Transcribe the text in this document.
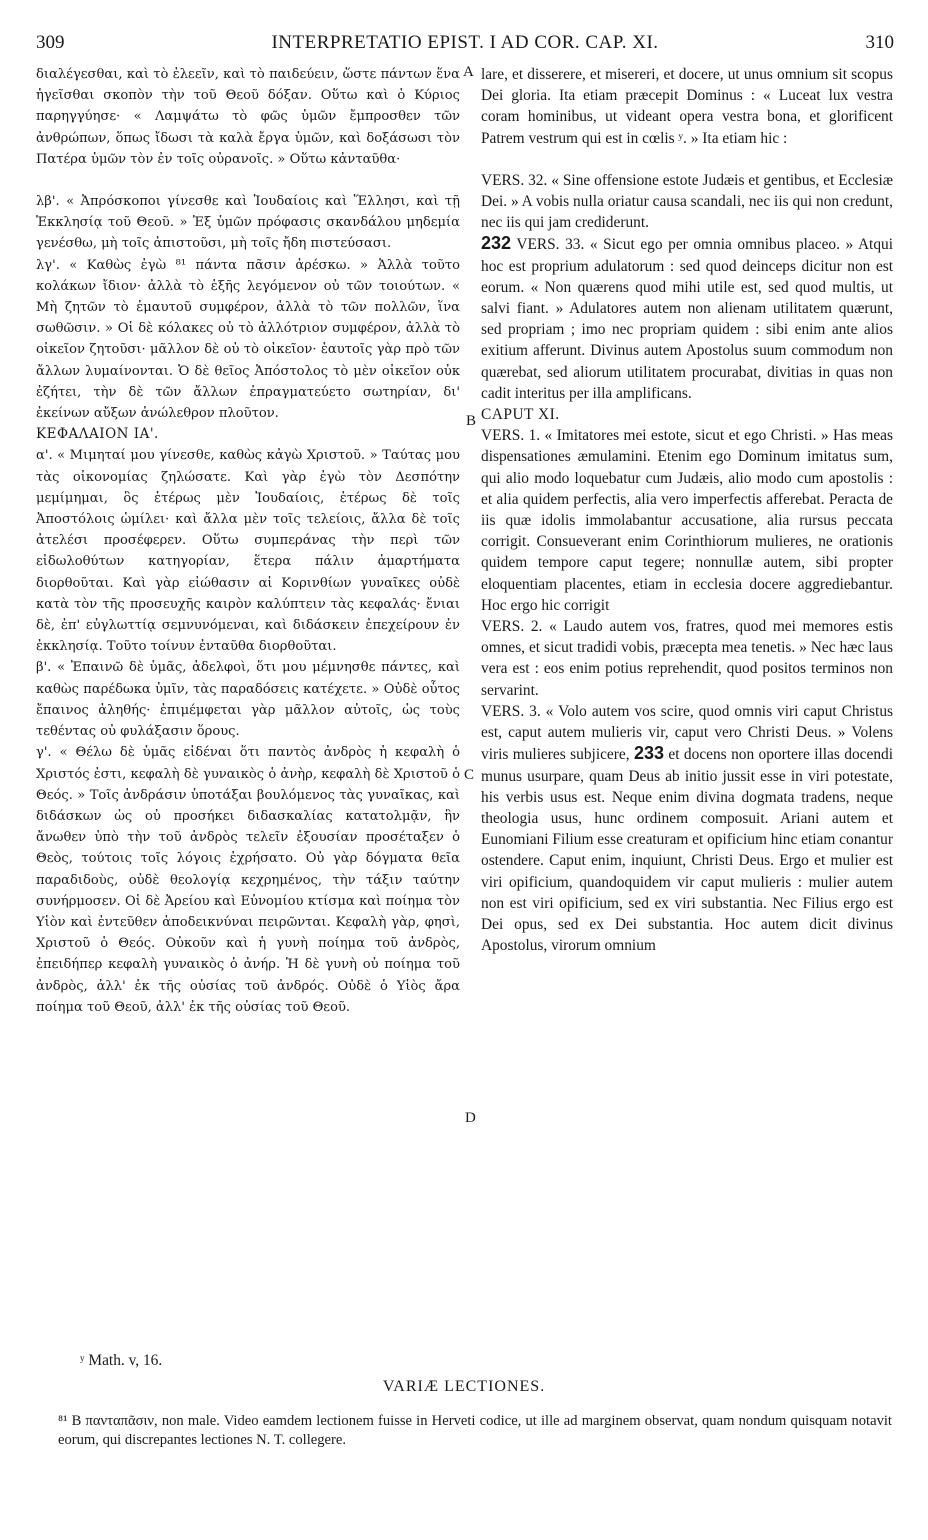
309	INTERPRETATIO EPIST. I AD COR. CAP. XI.	310

διαλέγεσθαι, καὶ τὸ ἐλεεῖν, καὶ τὸ παιδεύειν, ὥστε πάντων ἕνα ἡγεῖσθαι σκοπὸν τὴν τοῦ Θεοῦ δόξαν. Οὕτω καὶ ὁ Κύριος παρηγγύησε· « Λαμψάτω τὸ φῶς ὑμῶν ἔμπροσθεν τῶν ἀνθρώπων, ὅπως ἴδωσι τὰ καλὰ ἔργα ὑμῶν, καὶ δοξάσωσι τὸν Πατέρα ὑμῶν τὸν ἐν τοῖς οὐρανοῖς. » Οὕτω κἀνταῦθα·

λβ'. « Ἀπρόσκοποι γίνεσθε καὶ Ἰουδαίοις καὶ Ἕλλησι, καὶ τῇ Ἐκκλησίᾳ τοῦ Θεοῦ. » Ἐξ ὑμῶν πρόφασις σκανδάλου μηδεμία γενέσθω, μὴ τοῖς ἀπιστοῦσι, μὴ τοῖς ἤδη πιστεύσασι.

λγ'. « Καθὼς ἐγὼ ⁸¹ πάντα πᾶσιν ἀρέσκω. » Ἀλλὰ τοῦτο κολάκων ἴδιον· ἀλλὰ τὸ ἑξῆς λεγόμενον οὐ τῶν τοιούτων. « Μὴ ζητῶν τὸ ἐμαυτοῦ συμφέρον, ἀλλὰ τὸ τῶν πολλῶν, ἵνα σωθῶσιν. » Οἱ δὲ κόλακες οὐ τὸ ἀλλότριον συμφέρον, ἀλλὰ τὸ οἰκεῖον ζητοῦσι· μᾶλλον δὲ οὐ τὸ οἰκεῖον· ἑαυτοῖς γὰρ πρὸ τῶν ἄλλων λυμαίνονται. Ὁ δὲ θεῖος Ἀπόστολος τὸ μὲν οἰκεῖον οὐκ ἐζήτει, τὴν δὲ τῶν ἄλλων ἐπραγματεύετο σωτηρίαν, δι' ἐκείνων αὔξων ἀνώλεθρον πλοῦτον.

ΚΕΦΑΛΑΙΟΝ ΙΑ'.

α'. « Μιμηταί μου γίνεσθε, καθὼς κἀγὼ Χριστοῦ. » Ταύτας μου τὰς οἰκονομίας ζηλώσατε. Καὶ γὰρ ἐγὼ τὸν Δεσπότην μεμίμημαι, ὃς ἑτέρως μὲν Ἰουδαίοις, ἑτέρως δὲ τοῖς Ἀποστόλοις ὡμίλει· καὶ ἄλλα μὲν τοῖς τελείοις, ἄλλα δὲ τοῖς ἀτελέσι προσέφερεν. Οὕτω συμπεράνας τὴν περὶ τῶν εἰδωλοθύτων κατηγορίαν, ἕτερα πάλιν ἁμαρτήματα διορθοῦται. Καὶ γὰρ εἰώθασιν αἱ Κορινθίων γυναῖκες οὐδὲ κατὰ τὸν τῆς προσευχῆς καιρὸν καλύπτειν τὰς κεφαλάς· ἔνιαι δὲ, ἐπ' εὐγλωττίᾳ σεμνυνόμεναι, καὶ διδάσκειν ἐπεχείρουν ἐν ἐκκλησίᾳ. Τοῦτο τοίνυν ἐνταῦθα διορθοῦται.

β'. « Ἐπαινῶ δὲ ὑμᾶς, ἀδελφοὶ, ὅτι μου μέμνησθε πάντες, καὶ καθὼς παρέδωκα ὑμῖν, τὰς παραδόσεις κατέχετε. » Οὐδὲ οὗτος ἔπαινος ἀληθής· ἐπιμέμφεται γὰρ μᾶλλον αὐτοῖς, ὡς τοὺς τεθέντας οὐ φυλάξασιν ὅρους.

γ'. « Θέλω δὲ ὑμᾶς εἰδέναι ὅτι παντὸς ἀνδρὸς ἡ κεφαλὴ ὁ Χριστός ἐστι, κεφαλὴ δὲ γυναικὸς ὁ ἀνὴρ, κεφαλὴ δὲ Χριστοῦ ὁ Θεός. » Τοῖς ἀνδράσιν ὑποτάξαι βουλόμενος τὰς γυναῖκας, καὶ διδάσκων ὡς οὐ προσήκει διδασκαλίας κατατολμᾷν, ἣν ἄνωθεν ὑπὸ τὴν τοῦ ἀνδρὸς τελεῖν ἐξουσίαν προσέταξεν ὁ Θεὸς, τούτοις τοῖς λόγοις ἐχρήσατο. Οὐ γὰρ δόγματα θεῖα παραδιδοὺς, οὐδὲ θεολογίᾳ κεχρημένος, τὴν τάξιν ταύτην συνήρμοσεν. Οἱ δὲ Ἀρείου καὶ Εὐνομίου κτίσμα καὶ ποίημα τὸν Υἱὸν καὶ ἐντεῦθεν ἀποδεικνύναι πειρῶνται. Κεφαλὴ γὰρ, φησὶ, Χριστοῦ ὁ Θεός. Οὐκοῦν καὶ ἡ γυνὴ ποίημα τοῦ ἀνδρὸς, ἐπειδήπερ κεφαλὴ γυναικὸς ὁ ἀνήρ. Ἡ δὲ γυνὴ οὐ ποίημα τοῦ ἀνδρὸς, ἀλλ' ἐκ τῆς οὐσίας τοῦ ἀνδρός. Οὐδὲ ὁ Υἱὸς ἄρα ποίημα τοῦ Θεοῦ, ἀλλ' ἐκ τῆς οὐσίας τοῦ Θεοῦ.

lare, et disserere, et misereri, et docere, ut unus omnium sit scopus Dei gloria. Ita etiam præcepit Dominus : « Luceat lux vestra coram hominibus, ut videant opera vestra bona, et glorificent Patrem vestrum qui est in cœlis ʸ. » Ita etiam hic :

VERS. 32. « Sine offensione estote Judæis et gentibus, et Ecclesiæ Dei. » A vobis nulla oriatur causa scandali, nec iis qui non credunt, nec iis qui jam crediderunt.

232 VERS. 33. « Sicut ego per omnia omnibus placeo. » Atqui hoc est proprium adulatorum : sed quod deinceps dicitur non est eorum. « Non quærens quod mihi utile est, sed quod multis, ut salvi fiant. » Adulatores autem non alienam utilitatem quærunt, sed propriam ; imo nec propriam quidem : sibi enim ante alios exitium afferunt. Divinus autem Apostolus suum commodum non quærebat, sed aliorum utilitatem procurabat, divitias in quas non cadit interitus per illa amplificans.

CAPUT XI.

VERS. 1. « Imitatores mei estote, sicut et ego Christi. » Has meas dispensationes æmulamini. Etenim ego Dominum imitatus sum, qui alio modo loquebatur cum Judæis, alio modo cum apostolis : et alia quidem perfectis, alia vero imperfectis afferebat. Peracta de iis quæ idolis immolabantur accusatione, alia rursus peccata corrigit. Consueverant enim Corinthiorum mulieres, ne orationis quidem tempore caput tegere; nonnullæ autem, sibi propter eloquentiam placentes, etiam in ecclesia docere aggrediebantur. Hoc ergo hic corrigit

VERS. 2. « Laudo autem vos, fratres, quod mei memores estis omnes, et sicut tradidi vobis, præcepta mea tenetis. » Nec hæc laus vera est : eos enim potius reprehendit, quod positos terminos non servarint.

VERS. 3. « Volo autem vos scire, quod omnis viri caput Christus est, caput autem mulieris vir, caput vero Christi Deus. » Volens viris mulieres subjicere, 233 et docens non oportere illas docendi munus usurpare, quam Deus ab initio jussit esse in viri potestate, his verbis usus est. Neque enim divina dogmata tradens, neque theologia usus, hunc ordinem composuit. Ariani autem et Eunomiani Filium esse creaturam et opificium hinc etiam conantur ostendere. Caput enim, inquiunt, Christi Deus. Ergo et mulier est viri opificium, quandoquidem vir caput mulieris : mulier autem non est viri opificium, sed ex viri substantia. Nec Filius ergo est Dei opus, sed ex Dei substantia. Hoc autem dicit divinus Apostolus, virorum omnium

A
B
C
D
ʸ Math. v, 16.
VARIÆ LECTIONES.
⁸¹ B πανταπᾶσιν, non male. Video eamdem lectionem fuisse in Herveti codice, ut ille ad marginem observat, quam nondum quisquam notavit eorum, qui discrepantes lectiones N. T. collegere.
